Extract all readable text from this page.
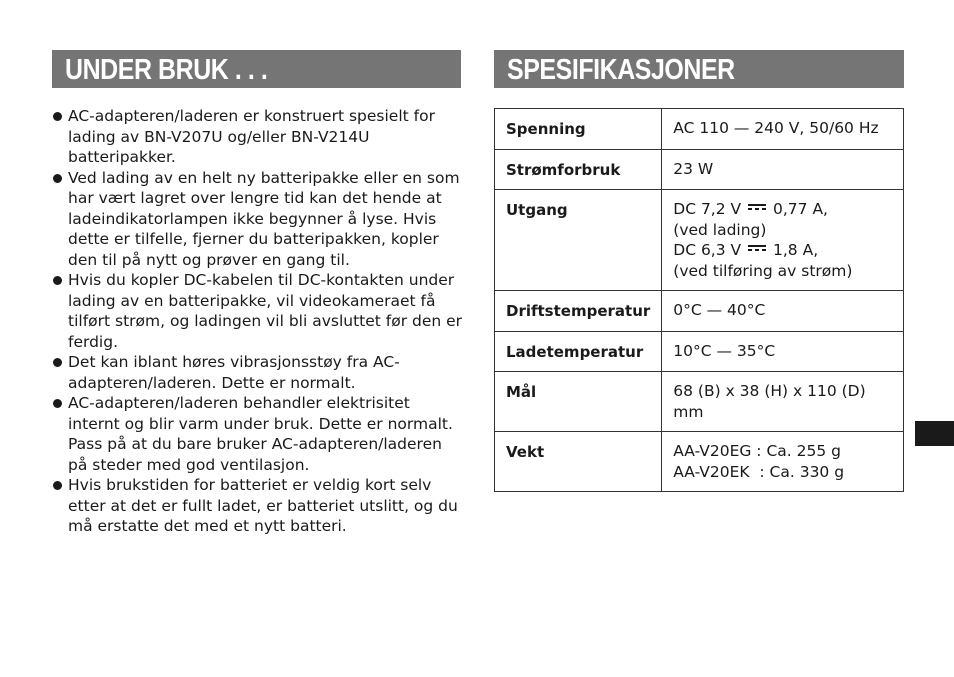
UNDER BRUK . . .	SPESIFIKASJONER
AC-adapteren/laderen er konstruert spesielt for lading av BN-V207U og/eller BN-V214U batteripakker.
Ved lading av en helt ny batteripakke eller en som har vært lagret over lengre tid kan det hende at ladeindikatorlampen ikke begynner å lyse. Hvis dette er tilfelle, fjerner du batteripakken, kopler den til på nytt og prøver en gang til.
Hvis du kopler DC-kabelen til DC-kontakten under lading av en batteripakke, vil videokameraet få tilført strøm, og ladingen vil bli avsluttet før den er ferdig.
Det kan iblant høres vibrasjonsstøy fra AC-adapteren/laderen. Dette er normalt.
AC-adapteren/laderen behandler elektrisitet internt og blir varm under bruk. Dette er normalt. Pass på at du bare bruker AC-adapteren/laderen på steder med god ventilasjon.
Hvis brukstiden for batteriet er veldig kort selv etter at det er fullt ladet, er batteriet utslitt, og du må erstatte det med et nytt batteri.
Spenning	AC 110 — 240 V, 50/60 Hz
Strømforbruk	23 W
Utgang	DC 7,2 V 0,77 A,
(ved lading)
DC 6,3 V 1,8 A,
(ved tilføring av strøm)

Driftstemperatur	0°C — 40°C
Ladetemperatur	10°C — 35°C
Mål	68 (B) x 38 (H) x 110 (D) mm
Vekt	AA-V20EG : Ca. 255 g
AA-V20EK  : Ca. 330 g
